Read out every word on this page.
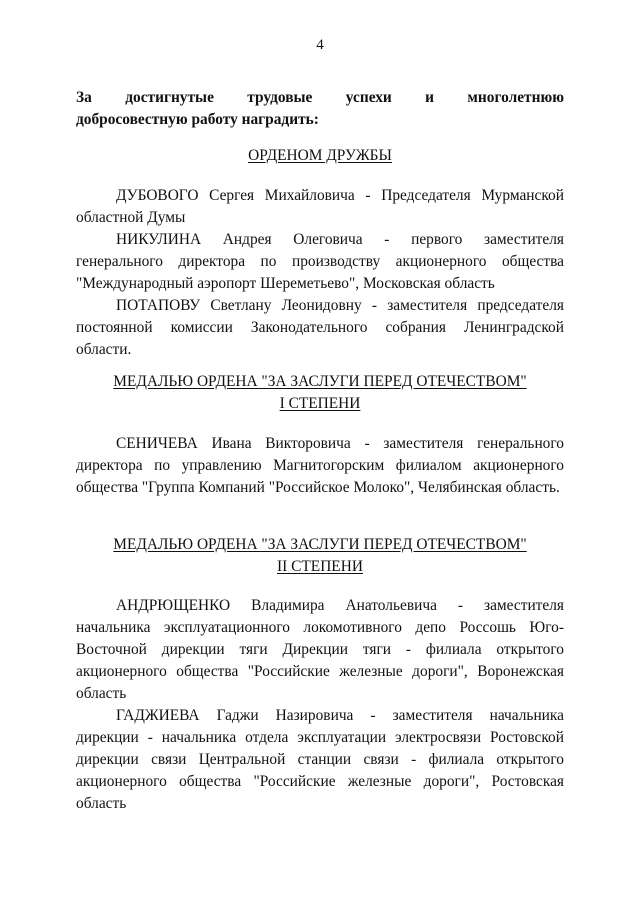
4
За достигнутые трудовые успехи и многолетнюю
добросовестную работу наградить:
ОРДЕНОМ ДРУЖБЫ
ДУБОВОГО Сергея Михайловича - Председателя Мурманской областной Думы
НИКУЛИНА Андрея Олеговича - первого заместителя генерального директора по производству акционерного общества "Международный аэропорт Шереметьево", Московская область
ПОТАПОВУ Светлану Леонидовну - заместителя председателя постоянной комиссии Законодательного собрания Ленинградской области.
МЕДАЛЬЮ ОРДЕНА "ЗА ЗАСЛУГИ ПЕРЕД ОТЕЧЕСТВОМ"
I СТЕПЕНИ
СЕНИЧЕВА Ивана Викторовича - заместителя генерального директора по управлению Магнитогорским филиалом акционерного общества "Группа Компаний "Российское Молоко", Челябинская область.
МЕДАЛЬЮ ОРДЕНА "ЗА ЗАСЛУГИ ПЕРЕД ОТЕЧЕСТВОМ"
II СТЕПЕНИ
АНДРЮЩЕНКО Владимира Анатольевича - заместителя начальника эксплуатационного локомотивного депо Россошь Юго-Восточной дирекции тяги Дирекции тяги - филиала открытого акционерного общества "Российские железные дороги", Воронежская область
ГАДЖИЕВА Гаджи Назировича - заместителя начальника дирекции - начальника отдела эксплуатации электросвязи Ростовской дирекции связи Центральной станции связи - филиала открытого акционерного общества "Российские железные дороги", Ростовская область
